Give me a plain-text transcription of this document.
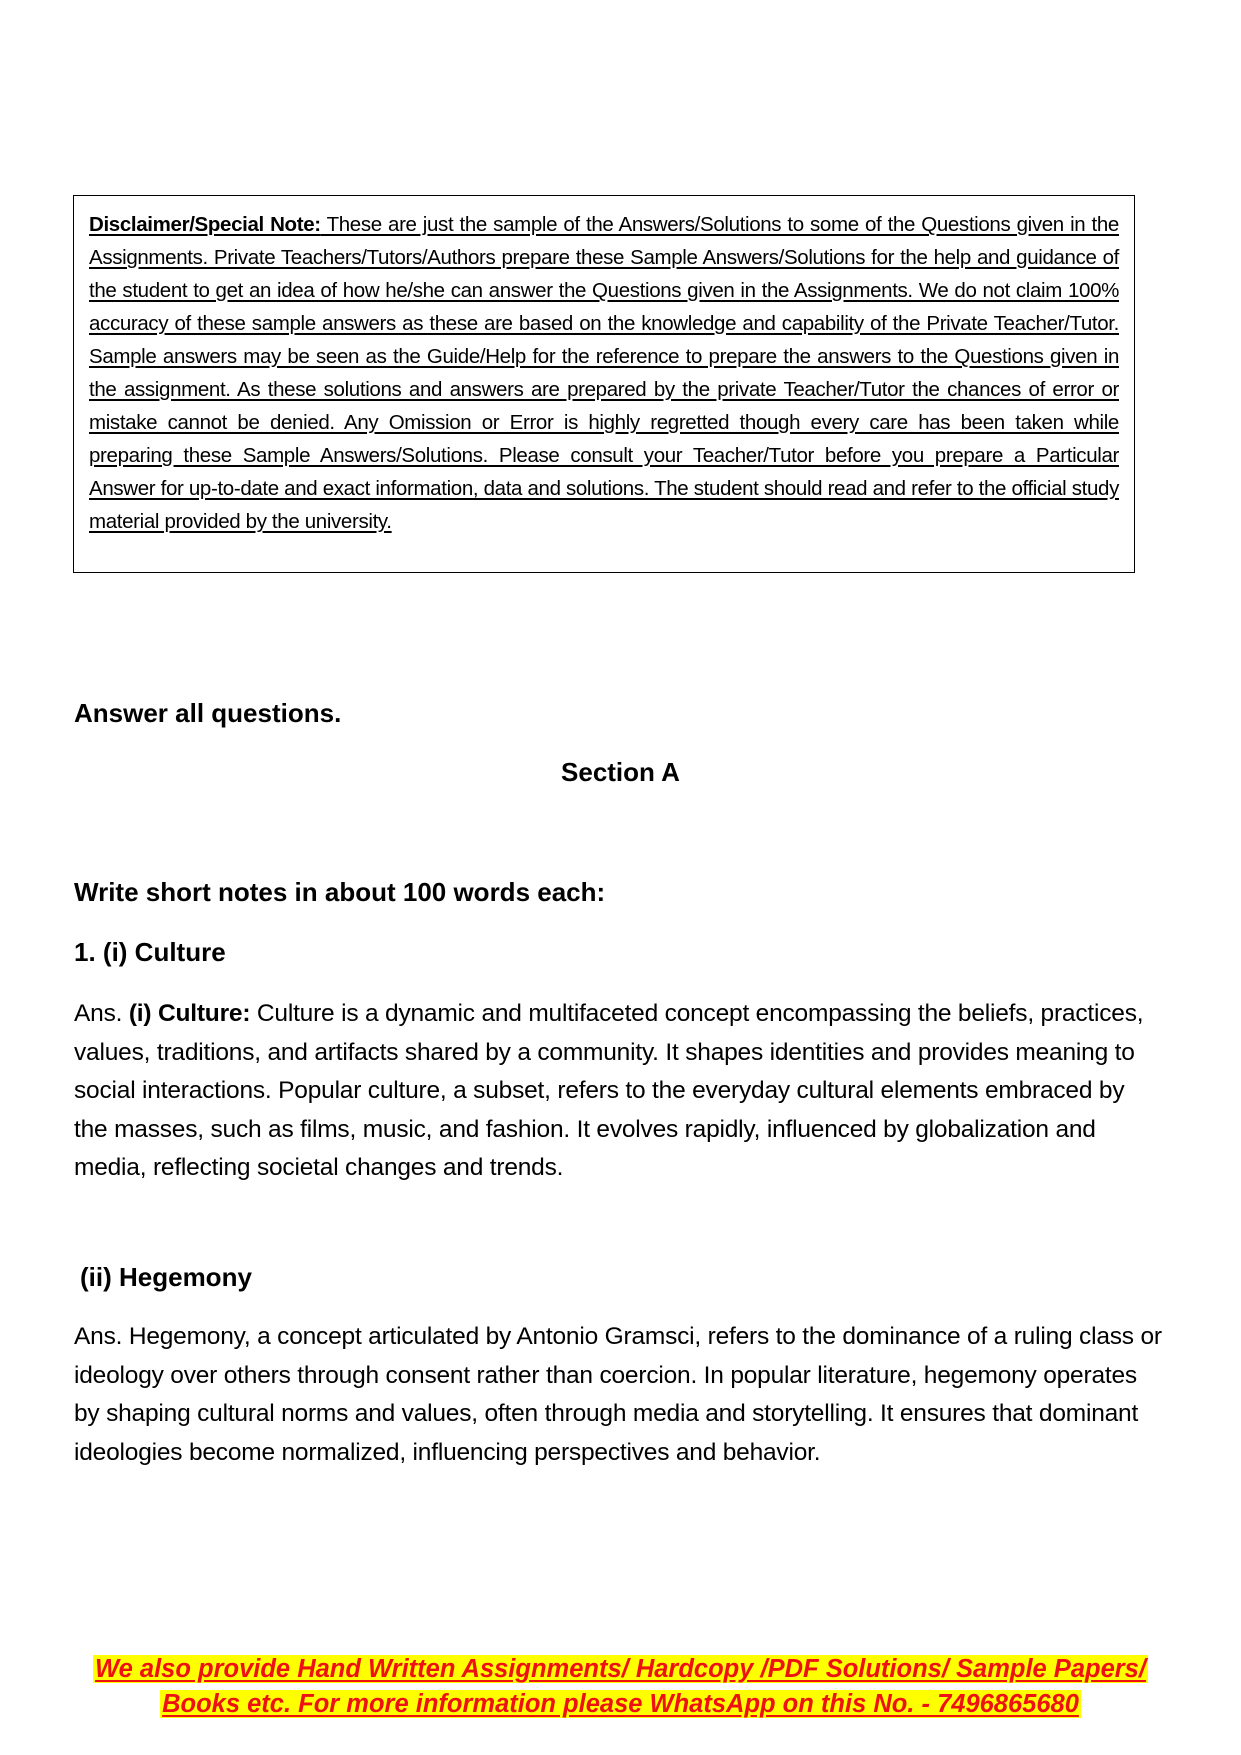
Disclaimer/Special Note: These are just the sample of the Answers/Solutions to some of the Questions given in the Assignments. Private Teachers/Tutors/Authors prepare these Sample Answers/Solutions for the help and guidance of the student to get an idea of how he/she can answer the Questions given in the Assignments. We do not claim 100% accuracy of these sample answers as these are based on the knowledge and capability of the Private Teacher/Tutor. Sample answers may be seen as the Guide/Help for the reference to prepare the answers to the Questions given in the assignment. As these solutions and answers are prepared by the private Teacher/Tutor the chances of error or mistake cannot be denied. Any Omission or Error is highly regretted though every care has been taken while preparing these Sample Answers/Solutions. Please consult your Teacher/Tutor before you prepare a Particular Answer for up-to-date and exact information, data and solutions. The student should read and refer to the official study material provided by the university.

Answer all questions.
Section A
Write short notes in about 100 words each:
1. (i) Culture

Ans. (i) Culture: Culture is a dynamic and multifaceted concept encompassing the beliefs, practices, values, traditions, and artifacts shared by a community. It shapes identities and provides meaning to social interactions. Popular culture, a subset, refers to the everyday cultural elements embraced by the masses, such as films, music, and fashion. It evolves rapidly, influenced by globalization and media, reflecting societal changes and trends.

(ii) Hegemony

Ans. Hegemony, a concept articulated by Antonio Gramsci, refers to the dominance of a ruling class or ideology over others through consent rather than coercion. In popular literature, hegemony operates by shaping cultural norms and values, often through media and storytelling. It ensures that dominant ideologies become normalized, influencing perspectives and behavior.

We also provide Hand Written Assignments/ Hardcopy /PDF Solutions/ Sample Papers/
Books etc. For more information please WhatsApp on this No. - 7496865680
